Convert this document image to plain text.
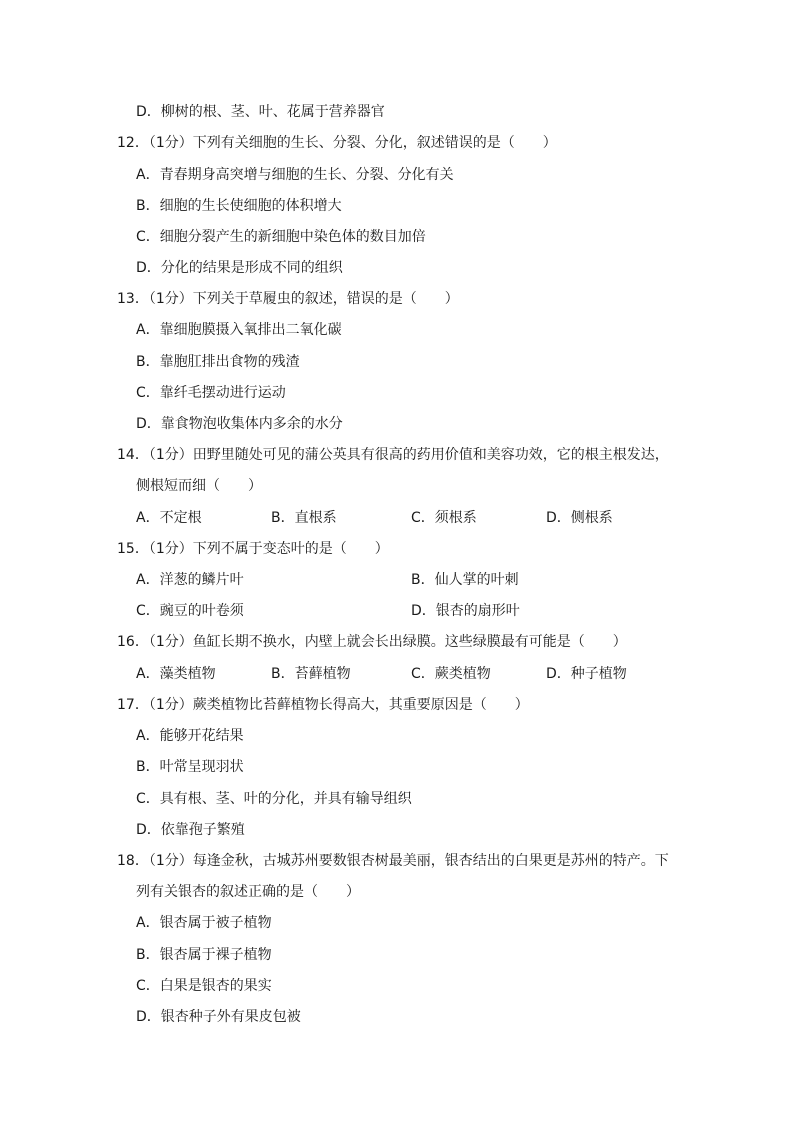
D．柳树的根、茎、叶、花属于营养器官
12．（1分）下列有关细胞的生长、分裂、分化，叙述错误的是（　　）
A．青春期身高突增与细胞的生长、分裂、分化有关
B．细胞的生长使细胞的体积增大
C．细胞分裂产生的新细胞中染色体的数目加倍
D．分化的结果是形成不同的组织
13．（1分）下列关于草履虫的叙述，错误的是（　　）
A．靠细胞膜摄入氧排出二氧化碳
B．靠胞肛排出食物的残渣
C．靠纤毛摆动进行运动
D．靠食物泡收集体内多余的水分
14．（1分）田野里随处可见的蒲公英具有很高的药用价值和美容功效，它的根主根发达，
侧根短而细（　　）
A．不定根	B．直根系	C．须根系	D．侧根系
15．（1分）下列不属于变态叶的是（　　）
A．洋葱的鳞片叶	B．仙人掌的叶刺
C．豌豆的叶卷须	D．银杏的扇形叶
16．（1分）鱼缸长期不换水，内壁上就会长出绿膜。这些绿膜最有可能是（　　）
A．藻类植物	B．苔藓植物	C．蕨类植物	D．种子植物
17．（1分）蕨类植物比苔藓植物长得高大，其重要原因是（　　）
A．能够开花结果
B．叶常呈现羽状
C．具有根、茎、叶的分化，并具有输导组织
D．依靠孢子繁殖
18．（1分）每逢金秋，古城苏州要数银杏树最美丽，银杏结出的白果更是苏州的特产。下
列有关银杏的叙述正确的是（　　）
A．银杏属于被子植物
B．银杏属于裸子植物
C．白果是银杏的果实
D．银杏种子外有果皮包被
